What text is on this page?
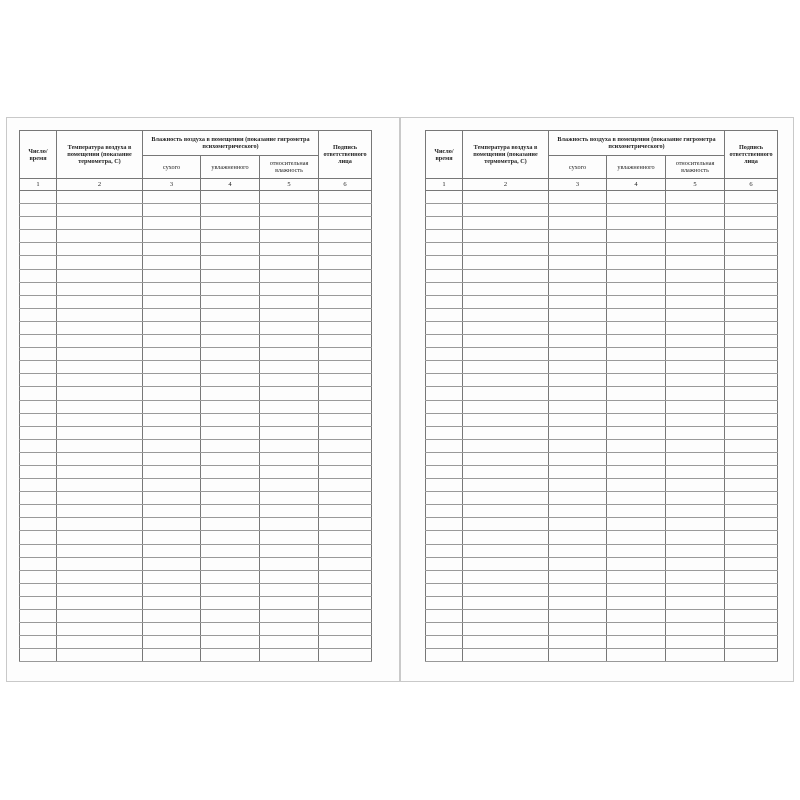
Число/ время	Температура воздуха в помещении (показание термометра, С)	Влажность воздуха в помещении (показание гигрометра психометрического)			Подпись ответственного лица
		сухого	увлажненного	относительная влажность	
1	2	3	4	5	6

Число/ время	Температура воздуха в помещении (показание термометра, С)	Влажность воздуха в помещении (показание гигрометра психометрического)			Подпись ответственного лица
		сухого	увлажненного	относительная влажность	
1	2	3	4	5	6
